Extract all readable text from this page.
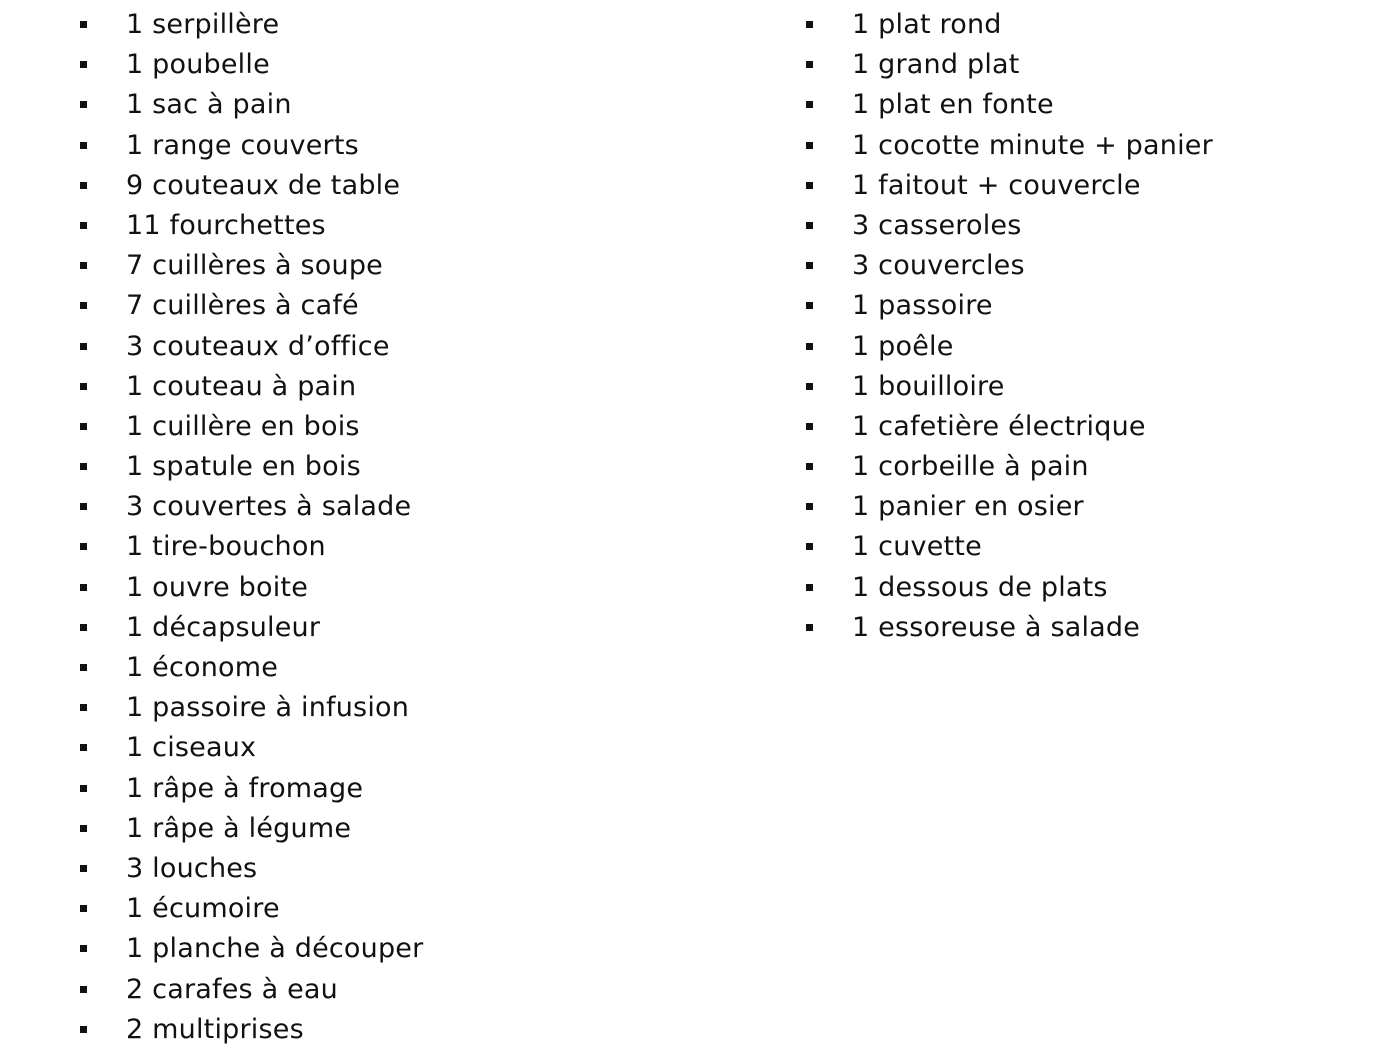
1 serpillère
1 poubelle
1 sac à pain
1 range couverts
9 couteaux de table
11 fourchettes
7 cuillères à soupe
7 cuillères à café
3 couteaux d’office
1 couteau à pain
1 cuillère en bois
1 spatule en bois
3 couvertes à salade
1 tire-bouchon
1 ouvre boite
1 décapsuleur
1 économe
1 passoire à infusion
1 ciseaux
1 râpe à fromage
1 râpe à légume
3 louches
1 écumoire
1 planche à découper
2 carafes à eau
2 multiprises
1 plat rond
1 grand plat
1 plat en fonte
1 cocotte minute + panier
1 faitout + couvercle
3 casseroles
3 couvercles
1 passoire
1 poêle
1 bouilloire
1 cafetière électrique
1 corbeille à pain
1 panier en osier
1 cuvette
1 dessous de plats
1 essoreuse à salade
